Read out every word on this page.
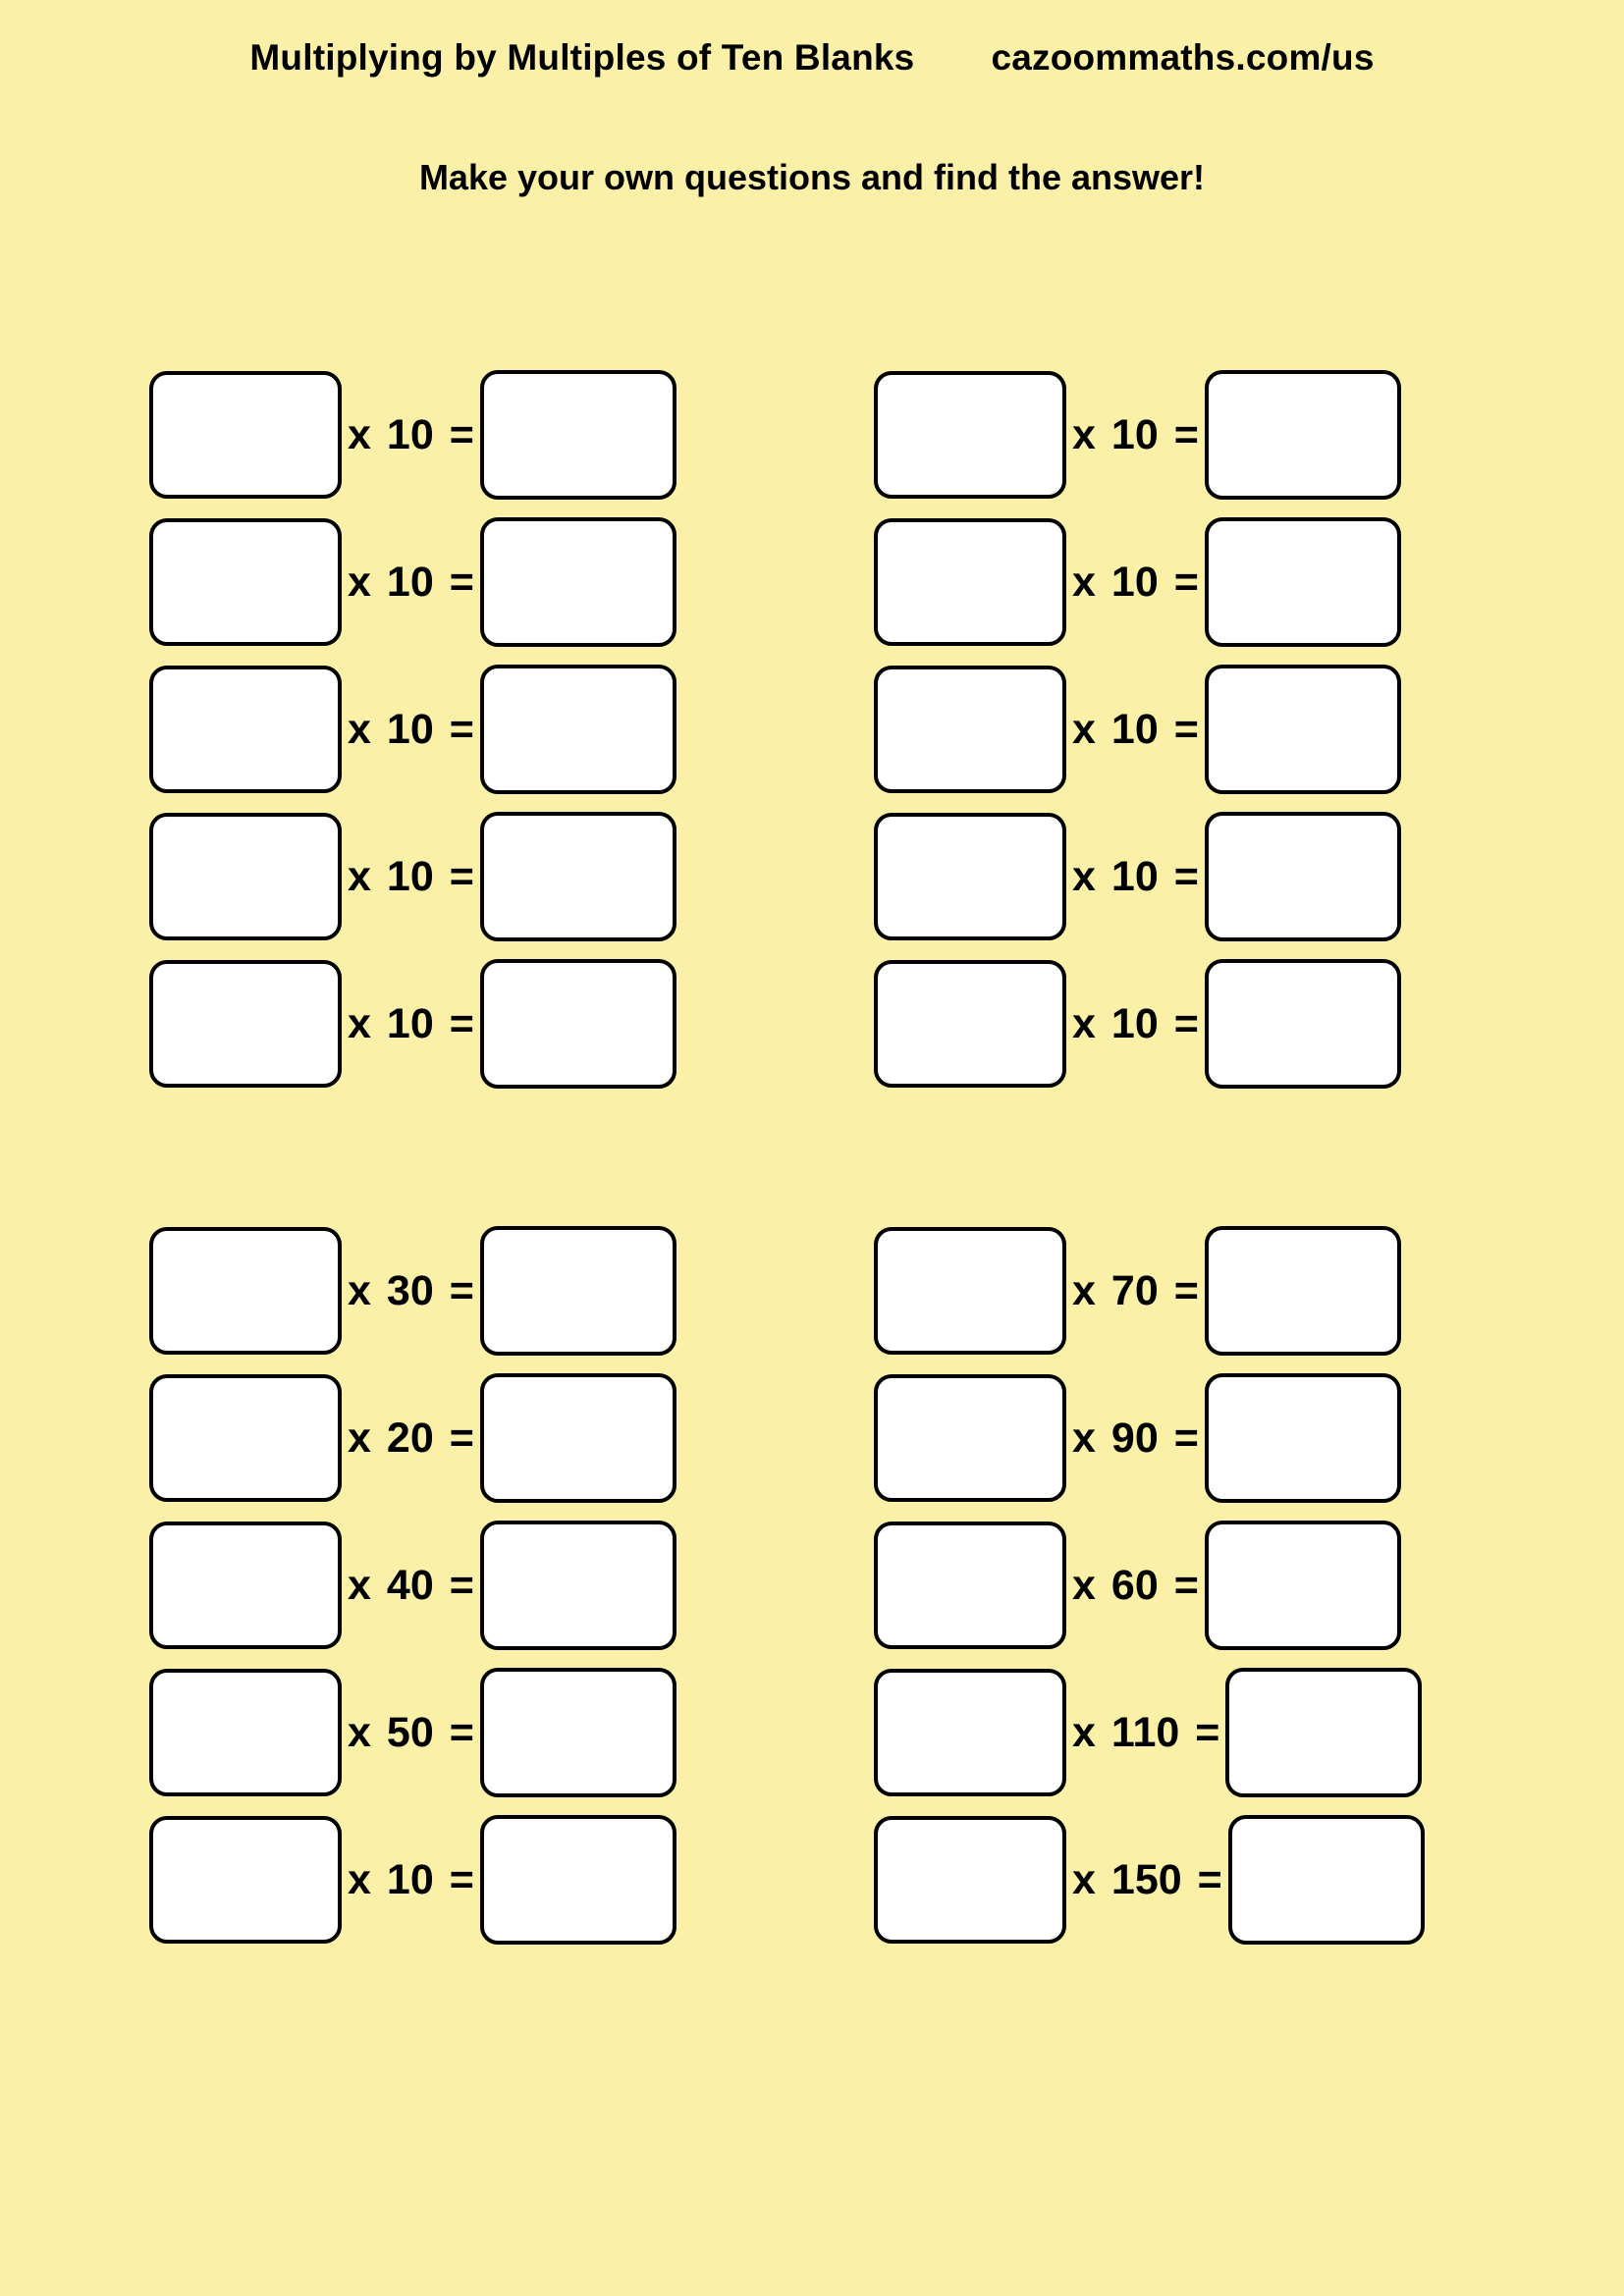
Multiplying by Multiples of Ten Blanks cazoommaths.com/us
Make your own questions and find the answer!
x 10 =
x 10 =
x 10 =
x 10 =
x 10 =
x 10 =
x 10 =
x 10 =
x 10 =
x 10 =
x 30 =
x 20 =
x 40 =
x 50 =
x 10 =
x 70 =
x 90 =
x 60 =
x 110 =
x 150 =
